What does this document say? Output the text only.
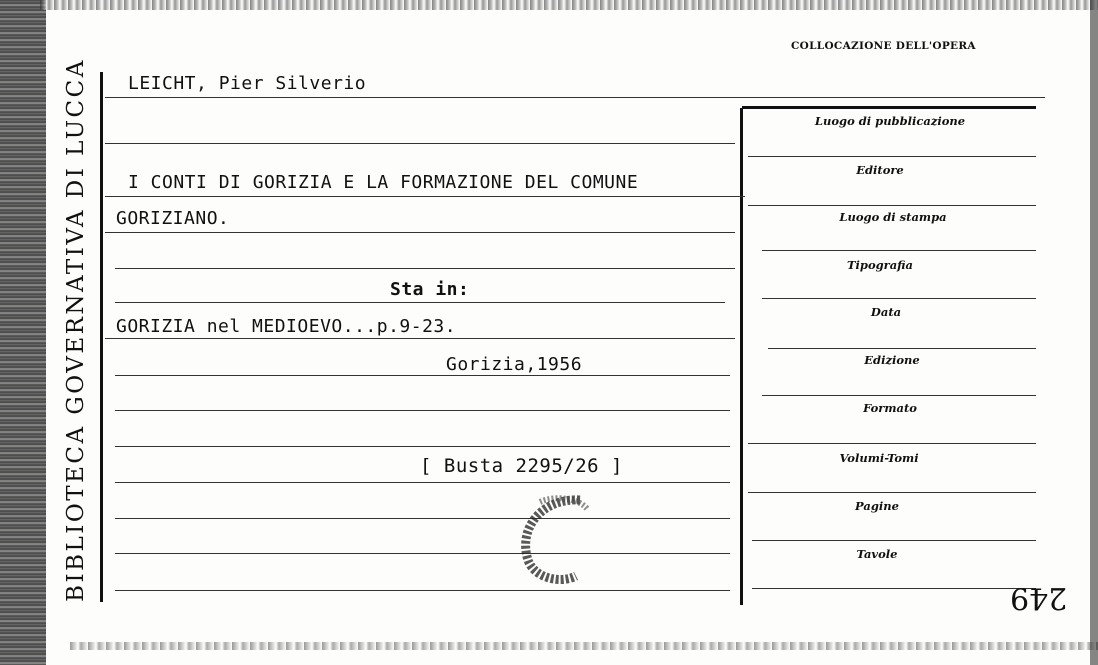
BIBLIOTECA GOVERNATIVA DI LUCCA LEICHT, Pier Silverio
I CONTI DI GORIZIA E LA FORMAZIONE DEL COMUNE
GORIZIANO.
Sta in:
GORIZIA nel MEDIOEVO...p.9-23.
Gorizia,1956
[ Busta 2295/26 ]
COLLOCAZIONE DELL'OPERA
Luogo di pubblicazione
Editore
Luogo di stampa
Tipografia
Data
Edizione
Formato
Volumi-Tomi
Pagine
Tavole
249
